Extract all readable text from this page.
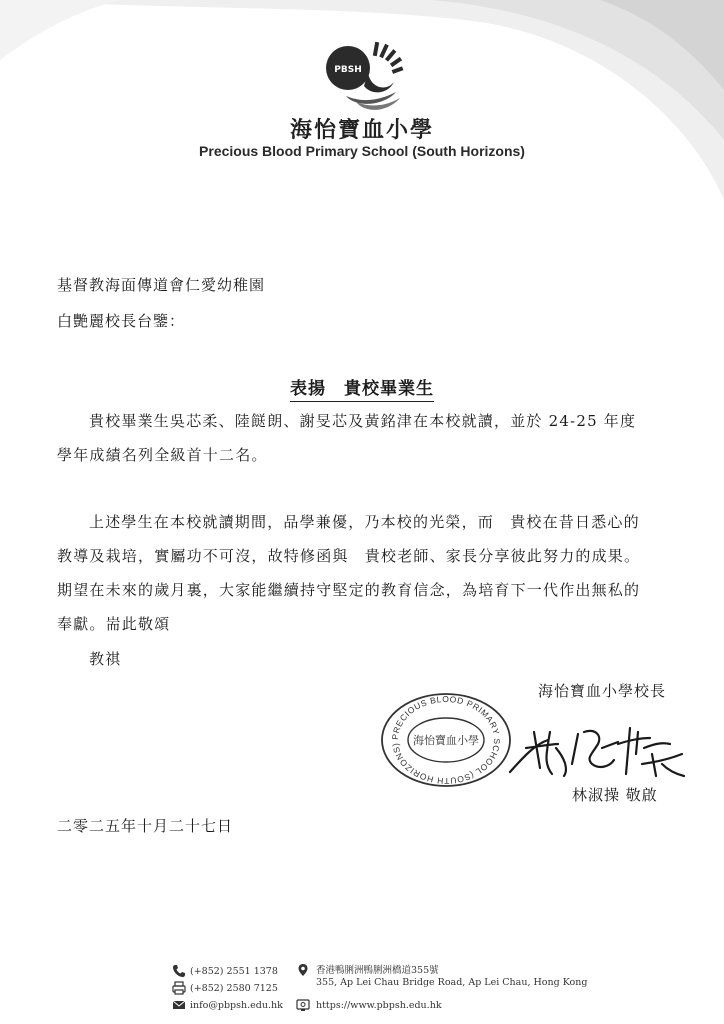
PBSH
海怡寶血小學
Precious Blood Primary School (South Horizons)
基督教海面傳道會仁愛幼稚園
白艷麗校長台鑒：
表揚　貴校畢業生

貴校畢業生吳芯柔、陸餸朗、謝旻芯及黃銘津在本校就讀，並於 24-25 年度

學年成績名列全級首十二名。

上述學生在本校就讀期間，品學兼優，乃本校的光榮，而　貴校在昔日悉心的

教導及栽培，實屬功不可沒，故特修函與　貴校老師、家長分享彼此努力的成果。

期望在未來的歲月裏，大家能繼續持守堅定的教育信念，為培育下一代作出無私的

奉獻。耑此敬頌

教祺
海怡寶血小學校長
PRECIOUS BLOOD PRIMARY SCHOOL (SOUTH HORIZONS)	海怡寶血小學
林淑操 敬啟
二零二五年十月二十七日
(+852) 2551 1378
(+852) 2580 7125
info@pbpsh.edu.hk
香港鴨脷洲鴨脷洲橋道355號
355, Ap Lei Chau Bridge Road, Ap Lei Chau, Hong Kong
https://www.pbpsh.edu.hk
